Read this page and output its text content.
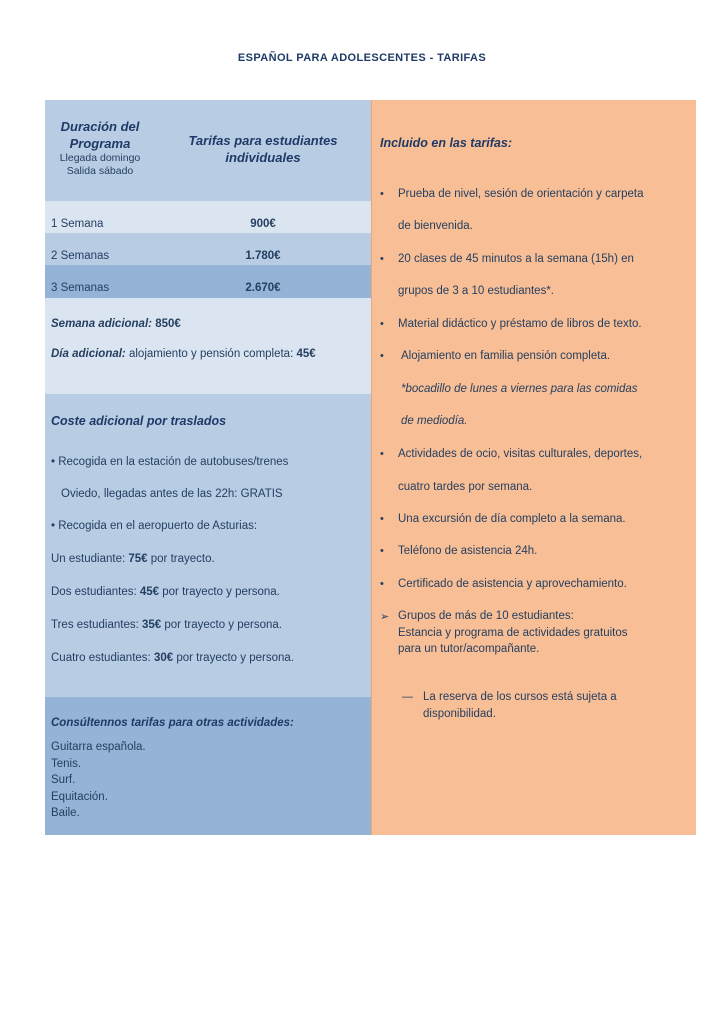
ESPAÑOL PARA ADOLESCENTES - TARIFAS
Duración del Programa
Llegada domingo
Salida sábado
Tarifas para estudiantes individuales
1 Semana	900€
2 Semanas	1.780€
3 Semanas	2.670€
Semana adicional: 850€
Día adicional: alojamiento y pensión completa: 45€
Coste adicional por traslados
• Recogida en la estación de autobuses/trenes
Oviedo, llegadas antes de las 22h: GRATIS
• Recogida en el aeropuerto de Asturias:
Un estudiante: 75€ por trayecto.
Dos estudiantes: 45€ por trayecto y persona.
Tres estudiantes: 35€ por trayecto y persona.
Cuatro estudiantes: 30€ por trayecto y persona.
Consúltennos tarifas para otras actividades:
Guitarra española.
Tenis.
Surf.
Equitación.
Baile.
Incluido en las tarifas:
• Prueba de nivel, sesión de orientación y carpeta
de bienvenida.
• 20 clases de 45 minutos a la semana (15h) en
grupos de 3 a 10 estudiantes*.
• Material didáctico y préstamo de libros de texto.
• Alojamiento en familia pensión completa.
*bocadillo de lunes a viernes para las comidas
de mediodía.
• Actividades de ocio, visitas culturales, deportes,
cuatro tardes por semana.
• Una excursión de día completo a la semana.
• Teléfono de asistencia 24h.
• Certificado de asistencia y aprovechamiento.
➢ Grupos de más de 10 estudiantes:
Estancia y programa de actividades gratuitos
para un tutor/acompañante.
— La reserva de los cursos está sujeta a
disponibilidad.
